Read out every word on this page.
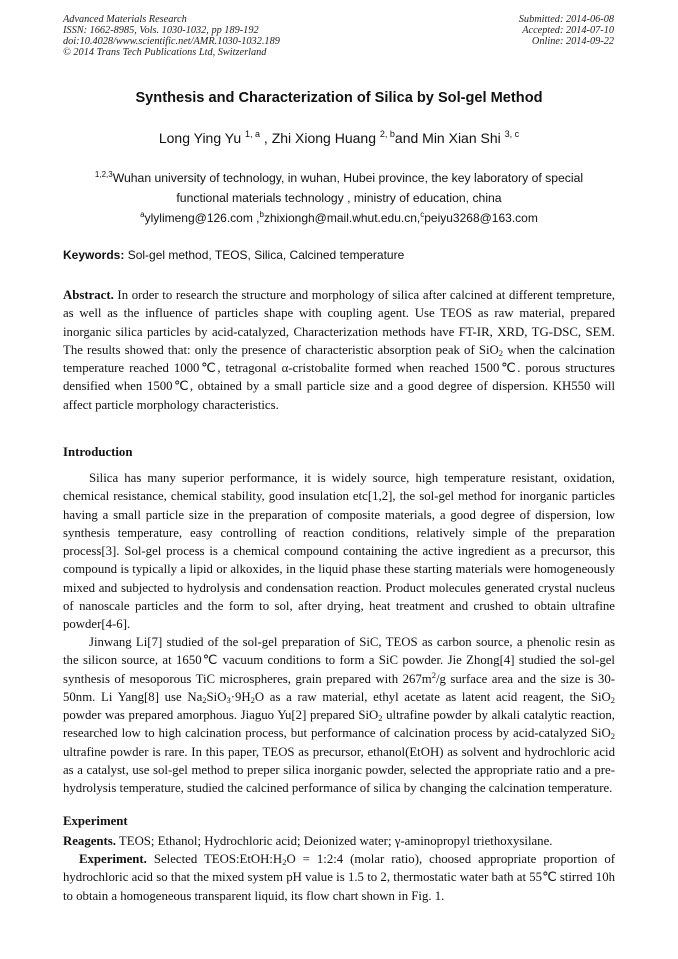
Advanced Materials Research
ISSN: 1662-8985, Vols. 1030-1032, pp 189-192
doi:10.4028/www.scientific.net/AMR.1030-1032.189
© 2014 Trans Tech Publications Ltd, Switzerland
Submitted: 2014-06-08
Accepted: 2014-07-10
Online: 2014-09-22
Synthesis and Characterization of Silica by Sol-gel Method
Long Ying Yu $^{1, a}$ , Zhi Xiong Huang $^{2, b}$and Min Xian Shi $^{3, c}$
$^{1,2,3}$Wuhan university of technology, in wuhan, Hubei province, the key laboratory of special
functional materials technology , ministry of education, china
$^a$ylylimeng@126.com ,$^b$zhixiongh@mail.whut.edu.cn,$^c$peiyu3268@163.com
Keywords: Sol-gel method, TEOS, Silica, Calcined temperature
Abstract. In order to research the structure and morphology of silica after calcined at different tempreture, as well as the influence of particles shape with coupling agent. Use TEOS as raw material, prepared inorganic silica particles by acid-catalyzed, Characterization methods have FT-IR, XRD, TG-DSC, SEM. The results showed that: only the presence of characteristic absorption peak of SiO$_2$ when the calcination temperature reached 1000℃, tetragonal α-cristobalite formed when reached 1500℃. porous structures densified when 1500℃, obtained by a small particle size and a good degree of dispersion. KH550 will affect particle morphology characteristics.
Introduction
Silica has many superior performance, it is widely source, high temperature resistant, oxidation, chemical resistance, chemical stability, good insulation etc[1,2], the sol-gel method for inorganic particles having a small particle size in the preparation of composite materials, a good degree of dispersion, low synthesis temperature, easy controlling of reaction conditions, relatively simple of the preparation process[3]. Sol-gel process is a chemical compound containing the active ingredient as a precursor, this compound is typically a lipid or alkoxides, in the liquid phase these starting materials were homogeneously mixed and subjected to hydrolysis and condensation reaction. Product molecules generated crystal nucleus of nanoscale particles and the form to sol, after drying, heat treatment and crushed to obtain ultrafine powder[4-6].
Jinwang Li[7] studied of the sol-gel preparation of SiC, TEOS as carbon source, a phenolic resin as the silicon source, at 1650℃ vacuum conditions to form a SiC powder. Jie Zhong[4] studied the sol-gel synthesis of mesoporous TiC microspheres, grain prepared with $267m^2/g$ surface area and the size is 30-50nm. Li Yang[8] use $Na_2SiO_3\cdot 9H_2O$ as a raw material, ethyl acetate as latent acid reagent, the SiO$_2$ powder was prepared amorphous. Jiaguo Yu[2] prepared SiO$_2$ ultrafine powder by alkali catalytic reaction, researched low to high calcination process, but performance of calcination process by acid-catalyzed SiO$_2$ ultrafine powder is rare. In this paper, TEOS as precursor, ethanol(EtOH) as solvent and hydrochloric acid as a catalyst, use sol-gel method to preper silica inorganic powder, selected the appropriate ratio and a pre-hydrolysis temperature, studied the calcined performance of silica by changing the calcination temperature.
Experiment
Reagents. TEOS; Ethanol; Hydrochloric acid; Deionized water; γ-aminopropyl triethoxysilane.
Experiment. Selected $TEOS:EtOH:H_2O$ = 1:2:4 (molar ratio), choosed appropriate proportion of hydrochloric acid so that the mixed system pH value is 1.5 to 2, thermostatic water bath at 55℃ stirred 10h to obtain a homogeneous transparent liquid, its flow chart shown in Fig. 1.
